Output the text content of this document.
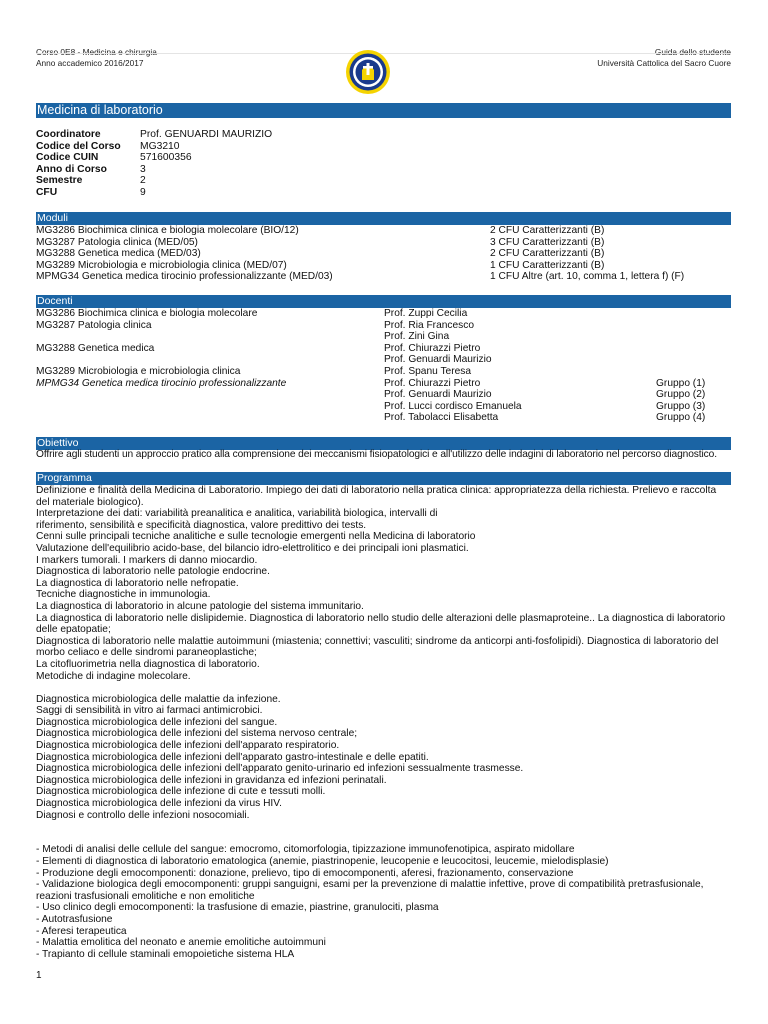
Corso 0E8 - Medicina e chirurgia
Anno accademico 2016/2017
Guida dello studente
Università Cattolica del Sacro Cuore
Medicina di laboratorio
Coordinatore	Prof. GENUARDI MAURIZIO
Codice del Corso	MG3210
Codice CUIN	571600356
Anno di Corso	3
Semestre	2
CFU	9
Moduli
MG3286 Biochimica clinica e biologia molecolare (BIO/12)	2 CFU Caratterizzanti (B)
MG3287 Patologia clinica (MED/05)	3 CFU Caratterizzanti (B)
MG3288 Genetica medica (MED/03)	2 CFU Caratterizzanti (B)
MG3289 Microbiologia e microbiologia clinica (MED/07)	1 CFU Caratterizzanti (B)
MPMG34 Genetica medica tirocinio professionalizzante (MED/03)	1 CFU Altre (art. 10, comma 1, lettera f) (F)
Docenti
MG3286 Biochimica clinica e biologia molecolare	Prof. Zuppi Cecilia
MG3287 Patologia clinica	Prof. Ria Francesco
Prof. Zini Gina
MG3288 Genetica medica	Prof. Chiurazzi Pietro
Prof. Genuardi Maurizio
MG3289 Microbiologia e microbiologia clinica	Prof. Spanu Teresa
MPMG34 Genetica medica tirocinio professionalizzante	Prof. Chiurazzi Pietro	Gruppo (1)
Prof. Genuardi Maurizio	Gruppo (2)
Prof. Lucci cordisco Emanuela	Gruppo (3)
Prof. Tabolacci Elisabetta	Gruppo (4)
Obiettivo
Offrire agli studenti un approccio pratico alla comprensione dei meccanismi fisiopatologici e all'utilizzo delle indagini di laboratorio nel percorso diagnostico.
Programma
Definizione e finalità della Medicina di Laboratorio. Impiego dei dati di laboratorio nella pratica clinica: appropriatezza della richiesta. Prelievo e raccolta
del materiale biologico).
Interpretazione dei dati: variabilità preanalitica e analitica, variabilità biologica, intervalli di
riferimento, sensibilità e specificità diagnostica, valore predittivo dei tests.
Cenni sulle principali tecniche analitiche e sulle tecnologie emergenti nella Medicina di laboratorio
Valutazione dell'equilibrio acido-base, del bilancio idro-elettrolitico e dei principali ioni plasmatici.
I markers tumorali. I markers di danno miocardio.
Diagnostica di laboratorio nelle patologie endocrine.
La diagnostica di laboratorio nelle nefropatie.
Tecniche diagnostiche in immunologia.
La diagnostica di laboratorio in alcune patologie del sistema immunitario.
La diagnostica di laboratorio nelle dislipidemie. Diagnostica di laboratorio nello studio delle alterazioni delle plasmaproteine.. La diagnostica di laboratorio
delle epatopatie;
Diagnostica di laboratorio nelle malattie autoimmuni (miastenia; connettivi; vasculiti; sindrome da anticorpi anti-fosfolipidi). Diagnostica di laboratorio del
morbo celiaco e delle sindromi paraneoplastiche;
La citofluorimetria nella diagnostica di laboratorio.
Metodiche di indagine molecolare.
Diagnostica microbiologica delle malattie da infezione.
Saggi di sensibilità in vitro ai farmaci antimicrobici.
Diagnostica microbiologica delle infezioni del sangue.
Diagnostica microbiologica delle infezioni del sistema nervoso centrale;
Diagnostica microbiologica delle infezioni dell'apparato respiratorio.
Diagnostica microbiologica delle infezioni dell'apparato gastro-intestinale e delle epatiti.
Diagnostica microbiologica delle infezioni dell'apparato genito-urinario ed infezioni sessualmente trasmesse.
Diagnostica microbiologica delle infezioni in gravidanza ed infezioni perinatali.
Diagnostica microbiologica delle infezione di cute e tessuti molli.
Diagnostica microbiologica delle infezioni da virus HIV.
Diagnosi e controllo delle infezioni nosocomiali.
- Metodi di analisi delle cellule del sangue: emocromo, citomorfologia, tipizzazione immunofenotipica, aspirato midollare
- Elementi di diagnostica di laboratorio ematologica (anemie, piastrinopenie, leucopenie e leucocitosi, leucemie, mielodisplasie)
- Produzione degli emocomponenti: donazione, prelievo, tipo di emocomponenti, aferesi, frazionamento, conservazione
- Validazione biologica degli emocomponenti: gruppi sanguigni, esami per la prevenzione di malattie infettive, prove di compatibilità pretrasfusionale,
reazioni trasfusionali emolitiche e non emolitiche
- Uso clinico degli emocomponenti: la trasfusione di emazie, piastrine, granulociti, plasma
- Autotrasfusione
- Aferesi terapeutica
- Malattia emolitica del neonato e anemie emolitiche autoimmuni
- Trapianto di cellule staminali emopoietiche sistema HLA
1
